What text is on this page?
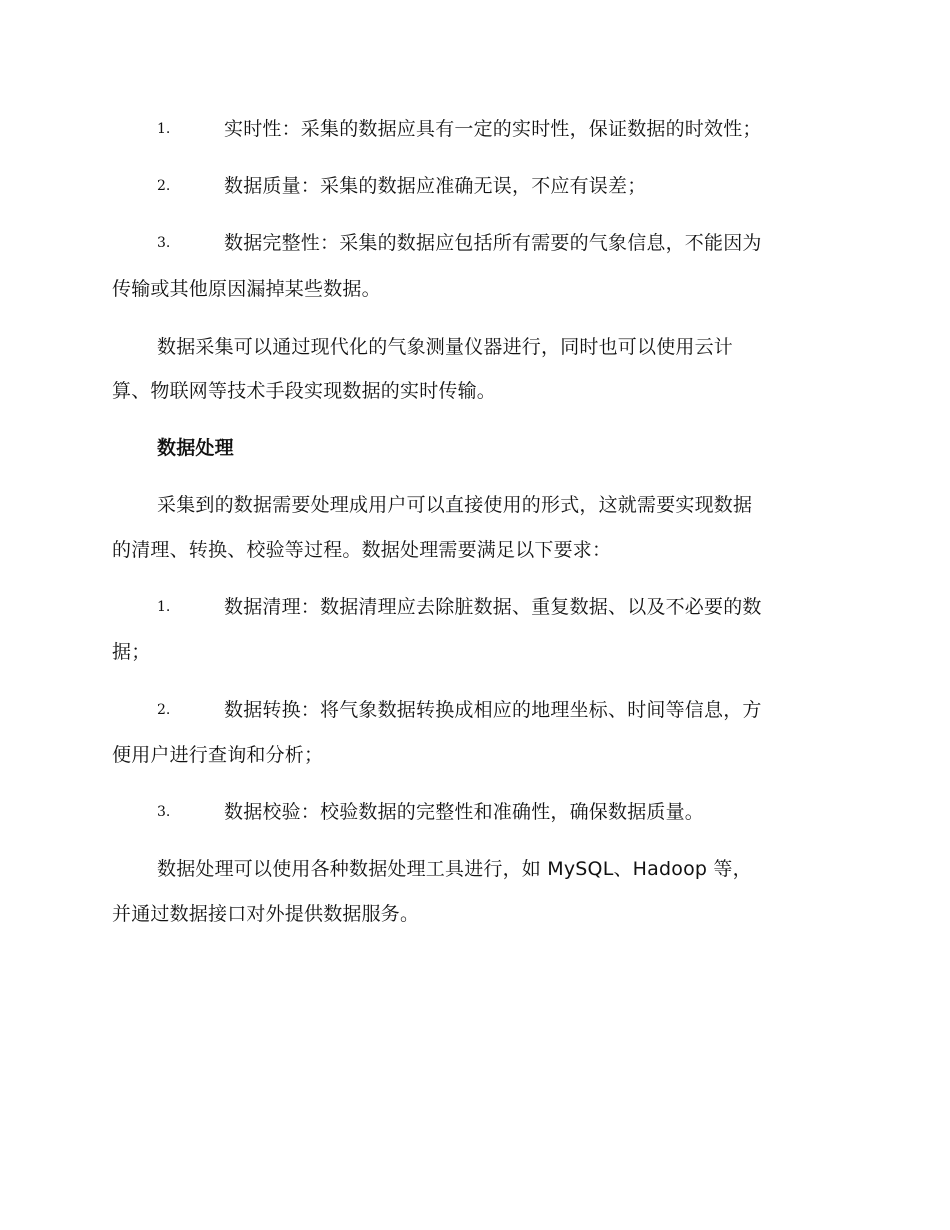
1.	实时性：采集的数据应具有一定的实时性，保证数据的时效性；
2.	数据质量：采集的数据应准确无误，不应有误差；
3.	数据完整性：采集的数据应包括所有需要的气象信息，不能因为
传输或其他原因漏掉某些数据。
数据采集可以通过现代化的气象测量仪器进行，同时也可以使用云计
算、物联网等技术手段实现数据的实时传输。
数据处理
采集到的数据需要处理成用户可以直接使用的形式，这就需要实现数据
的清理、转换、校验等过程。数据处理需要满足以下要求：
1.	数据清理：数据清理应去除脏数据、重复数据、以及不必要的数
据；
2.	数据转换：将气象数据转换成相应的地理坐标、时间等信息，方
便用户进行查询和分析；
3.	数据校验：校验数据的完整性和准确性，确保数据质量。
数据处理可以使用各种数据处理工具进行，如 MySQL、Hadoop 等，
并通过数据接口对外提供数据服务。
